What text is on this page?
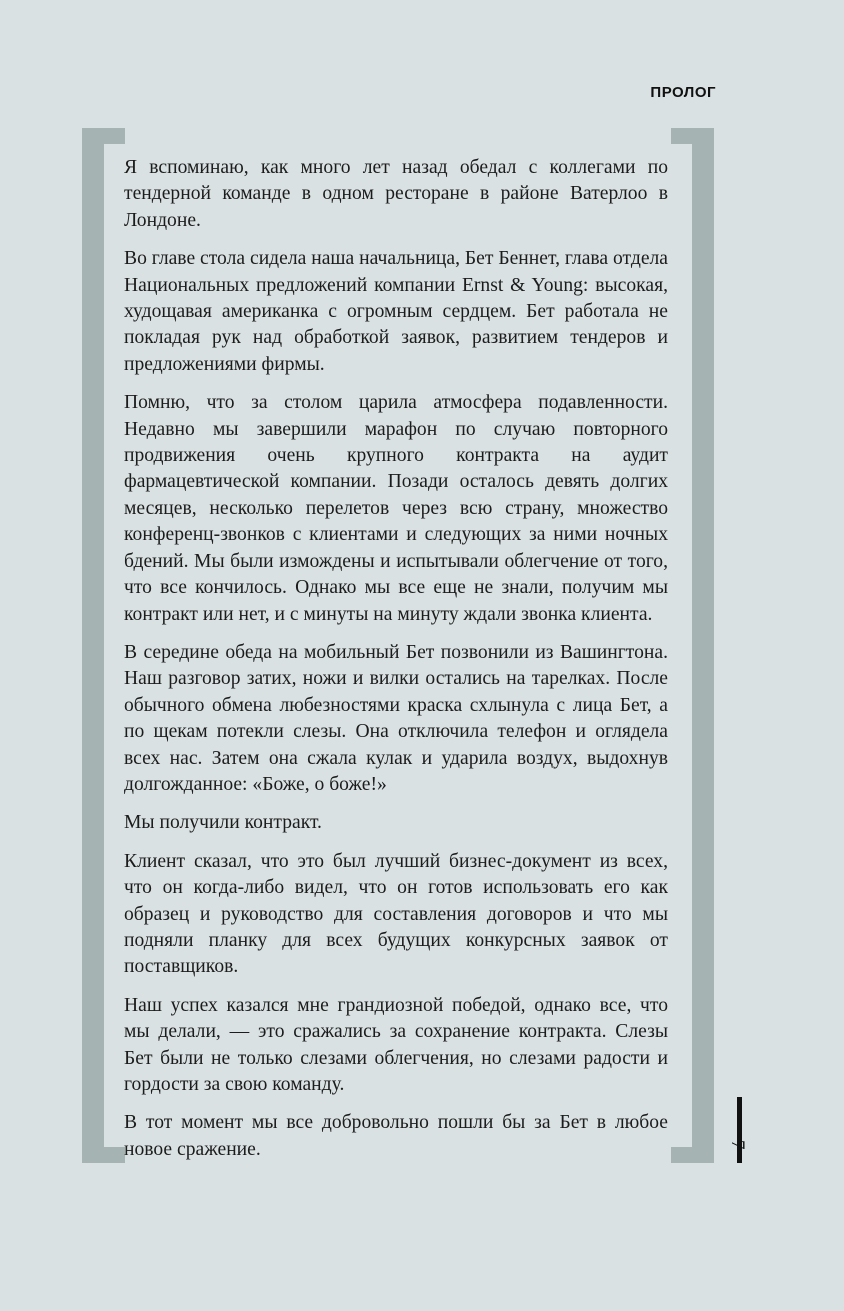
ПРОЛОГ

Я вспоминаю, как много лет назад обедал с коллегами по тендерной команде в одном ресторане в районе Ватерлоо в Лондоне.

Во главе стола сидела наша начальница, Бет Беннет, глава отдела Национальных предложений компании Ernst & Young: высокая, худощавая американка с огромным сердцем. Бет работала не покладая рук над обработкой заявок, развитием тендеров и предложениями фирмы.

Помню, что за столом царила атмосфера подавленности. Недавно мы завершили марафон по случаю повторного продвижения очень крупного контракта на аудит фармацевтической компании. Позади осталось девять долгих месяцев, несколько перелетов через всю страну, множество конференц-звонков с клиентами и следующих за ними ночных бдений. Мы были измождены и испытывали облегчение от того, что все кончилось. Однако мы все еще не знали, получим мы контракт или нет, и с минуты на минуту ждали звонка клиента.

В середине обеда на мобильный Бет позвонили из Вашингтона. Наш разговор затих, ножи и вилки остались на тарелках. После обычного обмена любезностями краска схлынула с лица Бет, а по щекам потекли слезы. Она отключила телефон и оглядела всех нас. Затем она сжала кулак и ударила воздух, выдохнув долгожданное: «Боже, о боже!»

Мы получили контракт.

Клиент сказал, что это был лучший бизнес-документ из всех, что он когда-либо видел, что он готов использовать его как образец и руководство для составления договоров и что мы подняли планку для всех будущих конкурсных заявок от поставщиков.

Наш успех казался мне грандиозной победой, однако все, что мы делали, — это сражались за сохранение контракта. Слезы Бет были не только слезами облегчения, но слезами радости и гордости за свою команду.

В тот момент мы все добровольно пошли бы за Бет в любое новое сражение.	7
